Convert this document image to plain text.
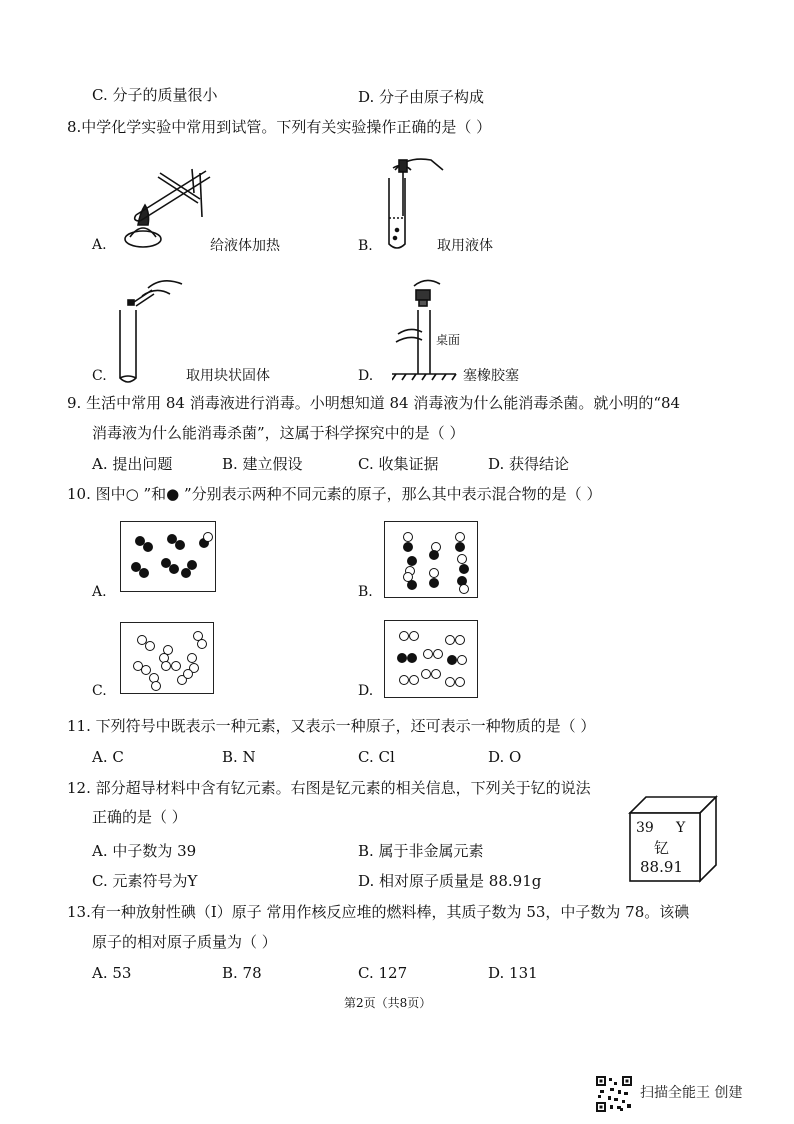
C. 分子的质量很小	D. 分子由原子构成
8.中学化学实验中常用到试管。下列有关实验操作正确的是（ ）
A.	给液体加热	B.	取用液体
C.	取用块状固体
桌面
D.	塞橡胶塞
9. 生活中常用 84 消毒液进行消毒。小明想知道 84 消毒液为什么能消毒杀菌。就小明的“84
消毒液为什么能消毒杀菌”，这属于科学探究中的是（ ）
A. 提出问题	B. 建立假设	C. 收集证据	D. 获得结论
10. 图中○ ”和● ”分别表示两种不同元素的原子，那么其中表示混合物的是（ ）
A.	B.
C.	D.
11. 下列符号中既表示一种元素，又表示一种原子，还可表示一种物质的是（ ）
A. C	B. N	C. Cl	D. O
12. 部分超导材料中含有钇元素。右图是钇元素的相关信息，下列关于钇的说法
正确的是（ ）
A. 中子数为 39	B. 属于非金属元素
C. 元素符号为Y	D. 相对原子质量是 88.91g
39 Y
钇
88.91
13.有一种放射性碘（I）原子 常用作核反应堆的燃料棒，其质子数为 53，中子数为 78。该碘
原子的相对原子质量为（ ）
A. 53	B. 78	C. 127	D. 131
第2页（共8页）
扫描全能王 创建
